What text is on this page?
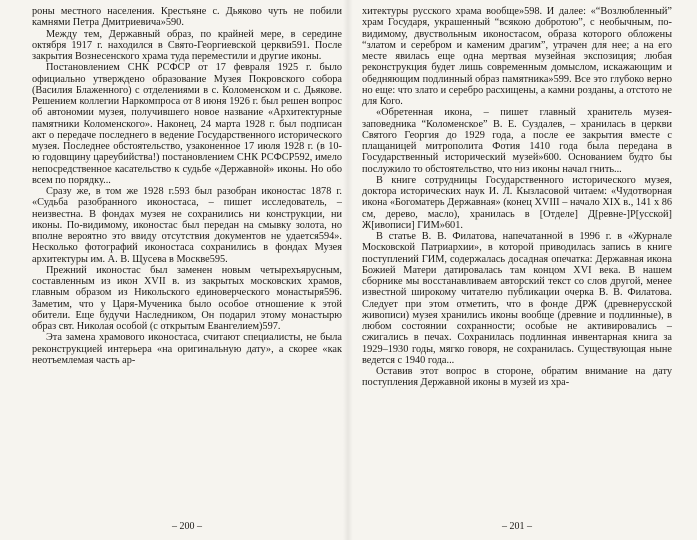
роны местного населения. Крестьяне с. Дьяково чуть не побили камнями Петра Дмитриевича»590.

Между тем, Державный образ, по крайней мере, в середине октября 1917 г. находился в Свято-Георгиевской церкви591. После закрытия Вознесенского храма туда переместили и другие иконы.

Постановлением СНК РСФСР от 17 февраля 1925 г. было официально утверждено образование Музея Покровского собора (Василия Блаженного) с отделениями в с. Коломенском и с. Дьякове. Решением коллегии Наркомпроса от 8 июня 1926 г. был решен вопрос об автономии музея, получившего новое название «Архитектурные памятники Коломенского». Наконец, 24 марта 1928 г. был подписан акт о передаче последнего в ведение Государственного исторического музея. Последнее обстоятельство, узаконенное 17 июля 1928 г. (в 10-ю годовщину цареубийства!) постановлением СНК РСФСР592, имело непосредственное касательство к судьбе «Державной» иконы. Но обо всем по порядку...

Сразу же, в том же 1928 г.593 был разобран иконостас 1878 г. «Судьба разобранного иконостаса, – пишет исследователь, – неизвестна. В фондах музея не сохранились ни конструкции, ни иконы. По-видимому, иконостас был передан на смывку золота, но вполне вероятно это ввиду отсутствия документов не удается594». Несколько фотографий иконостаса сохранились в фондах Музея архитектуры им. А. В. Щусева в Москве595.

Прежний иконостас был заменен новым четырехъярусным, составленным из икон XVII в. из закрытых московских храмов, главным образом из Никольского единоверческого монастыря596. Заметим, что у Царя-Мученика было особое отношение к этой обители. Еще будучи Наследником, Он подарил этому монастырю образ свт. Николая особой (с открытым Евангелием)597.

Эта замена храмового иконостаса, считают специалисты, не была реконструкцией интерьера «на оригинальную дату», а скорее «как неотъемлемая часть ар-

– 200 –

хитектуры русского храма вообще»598. И далее: «“Возлюбленный” храм Государя, украшенный “всякою добротою”, с необычным, по-видимому, двуствольным иконостасом, образа которого обложены “златом и серебром и каменим драгим”, утрачен для нее; а на его месте явилась еще одна мертвая музейная экспозиция; любая реконструкция будет лишь современным домыслом, искажающим и обедняющим подлинный образ памятника»599. Все это глубоко верно но еще: что злато и серебро расхищены, а камни розданы, а отстото не для Кого.

«Обретенная икона, – пишет главный хранитель музея-заповедника “Коломенское” В. Е. Суздалев, – хранилась в церкви Святого Георгия до 1929 года, а после ее закрытия вместе с плащаницей митрополита Фотия 1410 года была передана в Государственный исторический музей»600. Основанием будто бы послужило то обстоятельство, что низ иконы начал гнить...

В книге сотрудницы Государственного исторического музея, доктора исторических наук И. Л. Кызласовой читаем: «Чудотворная икона «Богоматерь Державная» (конец XVIII – начало XIX в., 141 х 86 см, дерево, масло), хранилась в [Отделе] Д[ревне-]Р[усской] Ж[ивописи] ГИМ»601.

В статье В. В. Филатова, напечатанной в 1996 г. в «Журнале Московской Патриархии», в которой приводилась запись в книге поступлений ГИМ, содержалась досадная опечатка: Державная икона Божией Матери датировалась там концом XVI века. В нашем сборнике мы восстанавливаем авторский текст со слов другой, менее известной широкому читателю публикации очерка В. В. Филатова. Следует при этом отметить, что в фонде ДРЖ (древнерусской живописи) музея хранились иконы вообще (древние и подлинные), в любом состоянии сохранности; особые не активировались – сжигались в печах. Сохранилась подлинная инвентарная книга за 1929–1930 годы, мягко говоря, не сохранилась. Существующая ныне ведется с 1940 года...

Оставив этот вопрос в стороне, обратим внимание на дату поступления Державной иконы в музей из хра-

– 201 –
